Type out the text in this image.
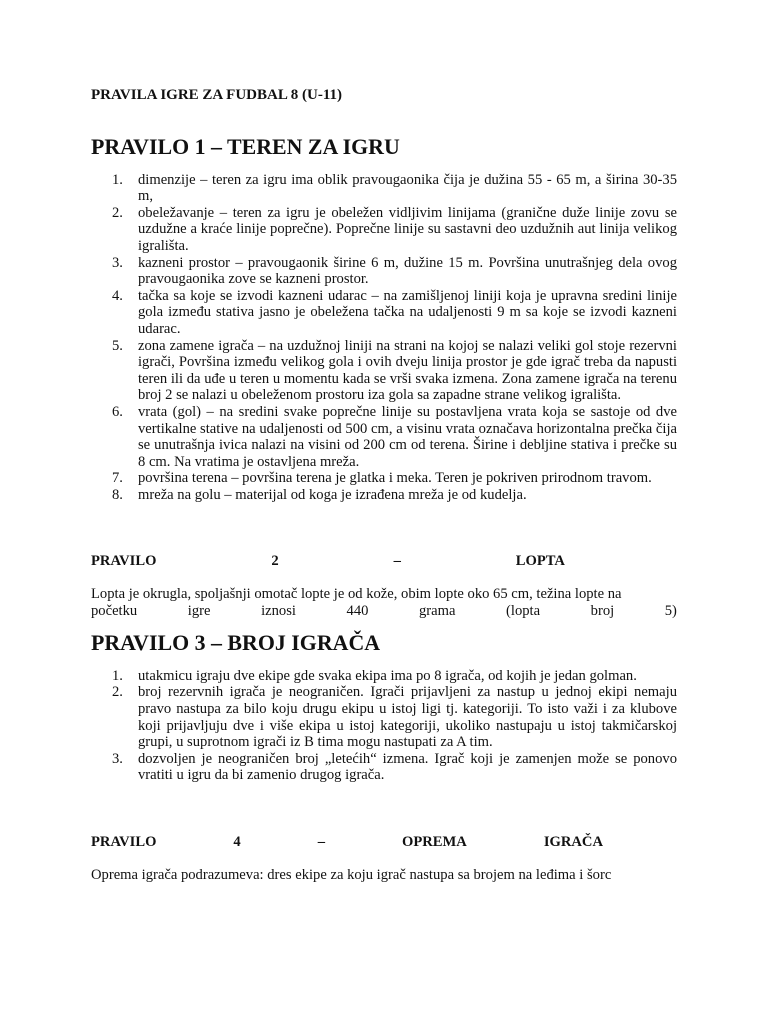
PRAVILA IGRE ZA FUDBAL 8 (U-11)
PRAVILO 1 – TEREN ZA IGRU
1. dimenzije – teren za igru ima oblik pravougaonika čija je dužina 55 - 65 m, a širina 30-35 m,
2. obeležavanje – teren za igru je obeležen vidljivim linijama (granične duže linije zovu se uzdužne a kraće linije poprečne). Poprečne linije su sastavni deo uzdužnih aut linija velikog igrališta.
3. kazneni prostor – pravougaonik širine 6 m, dužine 15 m. Površina unutrašnjeg dela ovog pravougaonika zove se kazneni prostor.
4. tačka sa koje se izvodi kazneni udarac – na zamišljenoj liniji koja je upravna sredini linije gola između stativa jasno je obeležena tačka na udaljenosti 9 m sa koje se izvodi kazneni udarac.
5. zona zamene igrača – na uzdužnoj liniji na strani na kojoj se nalazi veliki gol stoje rezervni igrači, Površina između velikog gola i ovih dveju linija prostor je gde igrač treba da napusti teren ili da uđe u teren u momentu kada se vrši svaka izmena. Zona zamene igrača na terenu broj 2 se nalazi u obeleženom prostoru iza gola sa zapadne strane velikog igrališta.
6. vrata (gol) – na sredini svake poprečne linije su postavljena vrata koja se sastoje od dve vertikalne stative na udaljenosti od 500 cm, a visinu vrata označava horizontalna prečka čija se unutrašnja ivica nalazi na visini od 200 cm od terena. Širine i debljine stativa i prečke su 8 cm. Na vratima je ostavljena mreža.
7. površina terena – površina terena je glatka i meka. Teren je pokriven prirodnom travom.
8. mreža na golu – materijal od koga je izrađena mreža je od kudelja.
PRAVILO	2	–	LOPTA

Lopta je okrugla, spoljašnji omotač lopte je od kože, obim lopte oko 65 cm, težina lopte na

početku	igre	iznosi	440	grama	(lopta	broj	5)
PRAVILO 3 – BROJ IGRAČA
1. utakmicu igraju dve ekipe gde svaka ekipa ima po 8 igrača, od kojih je jedan golman.
2. broj rezervnih igrača je neograničen. Igrači prijavljeni za nastup u jednoj ekipi nemaju pravo nastupa za bilo koju drugu ekipu u istoj ligi tj. kategoriji. To isto važi i za klubove koji prijavljuju dve i više ekipa u istoj kategoriji, ukoliko nastupaju u istoj takmičarskoj grupi, u suprotnom igrači iz B tima mogu nastupati za A tim.
3. dozvoljen je neograničen broj „letećih“ izmena. Igrač koji je zamenjen može se ponovo vratiti u igru da bi zamenio drugog igrača.
PRAVILO	4	–	OPREMA	IGRAČA

Oprema igrača podrazumeva: dres ekipe za koju igrač nastupa sa brojem na leđima i šorc
